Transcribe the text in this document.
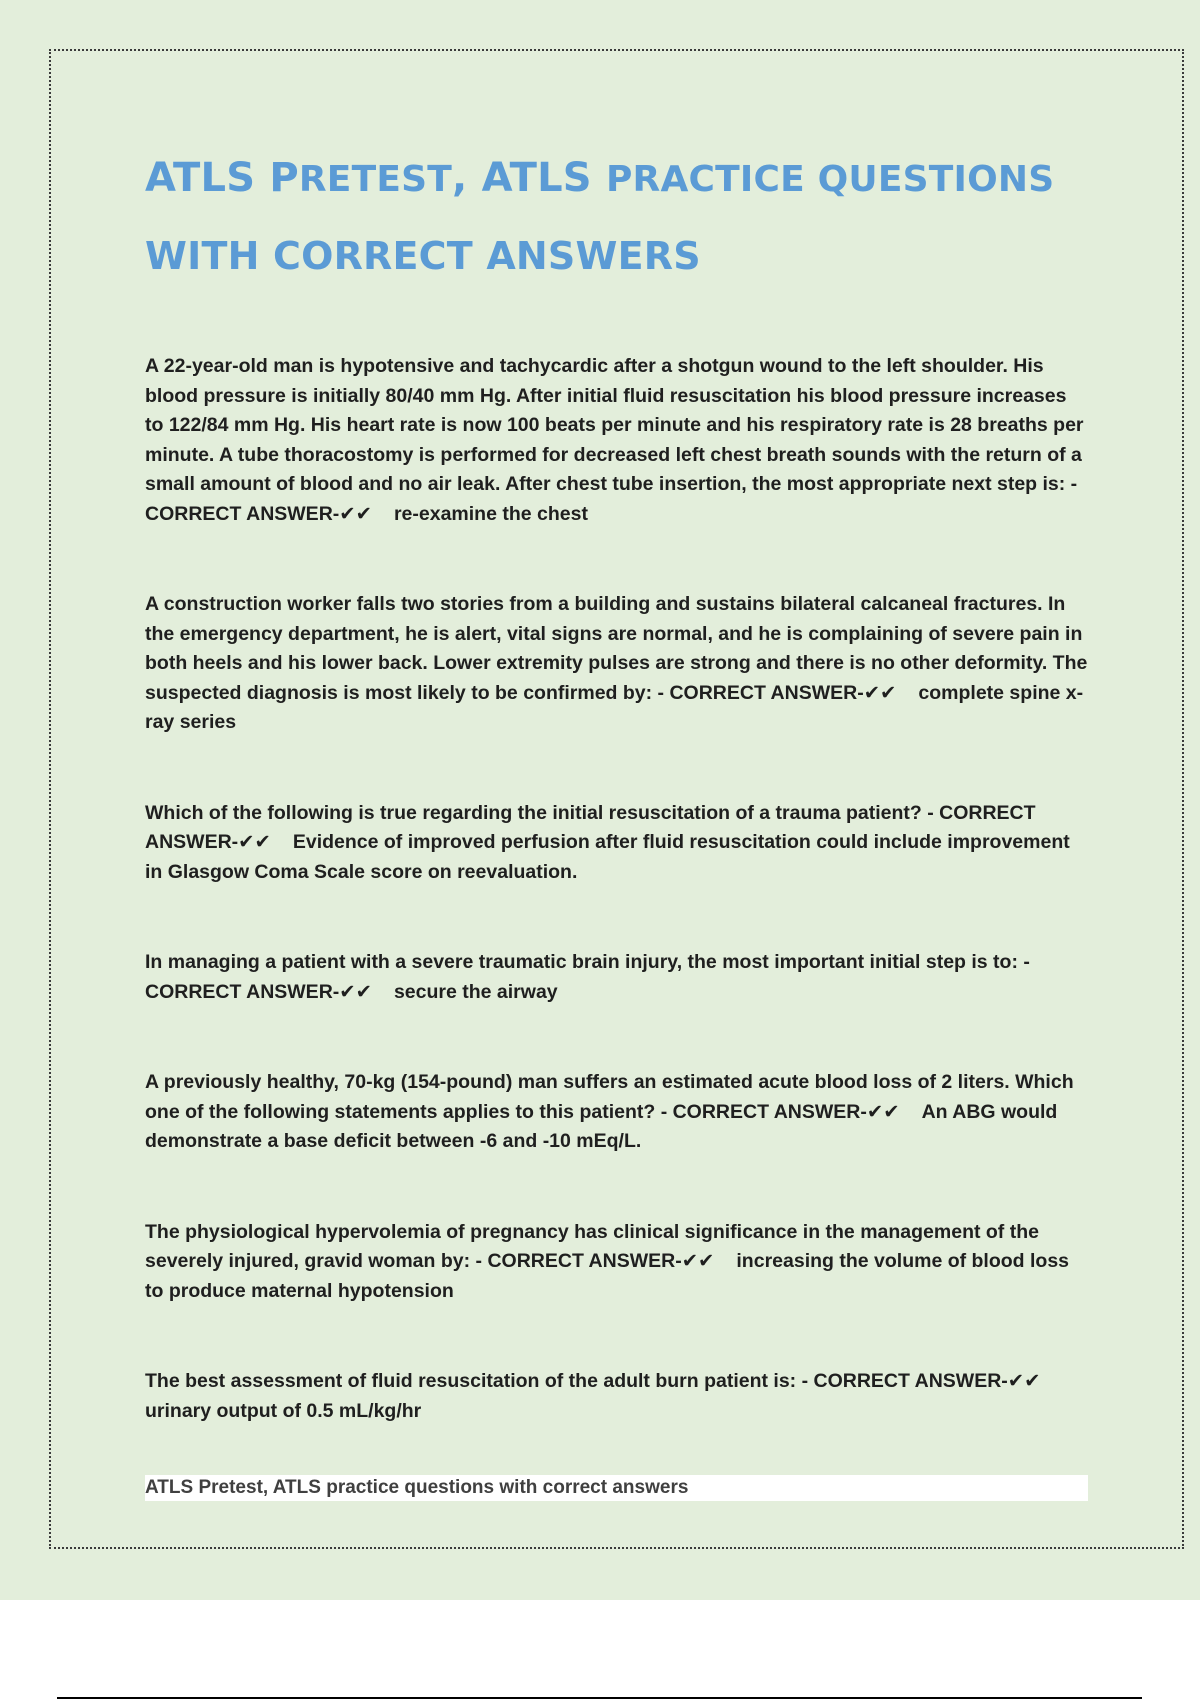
ATLS PRETEST, ATLS PRACTICE QUESTIONS
WITH CORRECT ANSWERS

A 22-year-old man is hypotensive and tachycardic after a shotgun wound to the left shoulder. His blood pressure is initially 80/40 mm Hg. After initial fluid resuscitation his blood pressure increases to 122/84 mm Hg. His heart rate is now 100 beats per minute and his respiratory rate is 28 breaths per minute. A tube thoracostomy is performed for decreased left chest breath sounds with the return of a small amount of blood and no air leak. After chest tube insertion, the most appropriate next step is: - CORRECT ANSWER-✔✔ re-examine the chest

A construction worker falls two stories from a building and sustains bilateral calcaneal fractures. In the emergency department, he is alert, vital signs are normal, and he is complaining of severe pain in both heels and his lower back. Lower extremity pulses are strong and there is no other deformity. The suspected diagnosis is most likely to be confirmed by: - CORRECT ANSWER-✔✔ complete spine x-ray series

Which of the following is true regarding the initial resuscitation of a trauma patient? - CORRECT ANSWER-✔✔ Evidence of improved perfusion after fluid resuscitation could include improvement in Glasgow Coma Scale score on reevaluation.

In managing a patient with a severe traumatic brain injury, the most important initial step is to: - CORRECT ANSWER-✔✔ secure the airway

A previously healthy, 70-kg (154-pound) man suffers an estimated acute blood loss of 2 liters. Which one of the following statements applies to this patient? - CORRECT ANSWER-✔✔ An ABG would demonstrate a base deficit between -6 and -10 mEq/L.

The physiological hypervolemia of pregnancy has clinical significance in the management of the severely injured, gravid woman by: - CORRECT ANSWER-✔✔ increasing the volume of blood loss to produce maternal hypotension

The best assessment of fluid resuscitation of the adult burn patient is: - CORRECT ANSWER-✔✔urinary output of 0.5 mL/kg/hr

ATLS Pretest, ATLS practice questions with correct answers
